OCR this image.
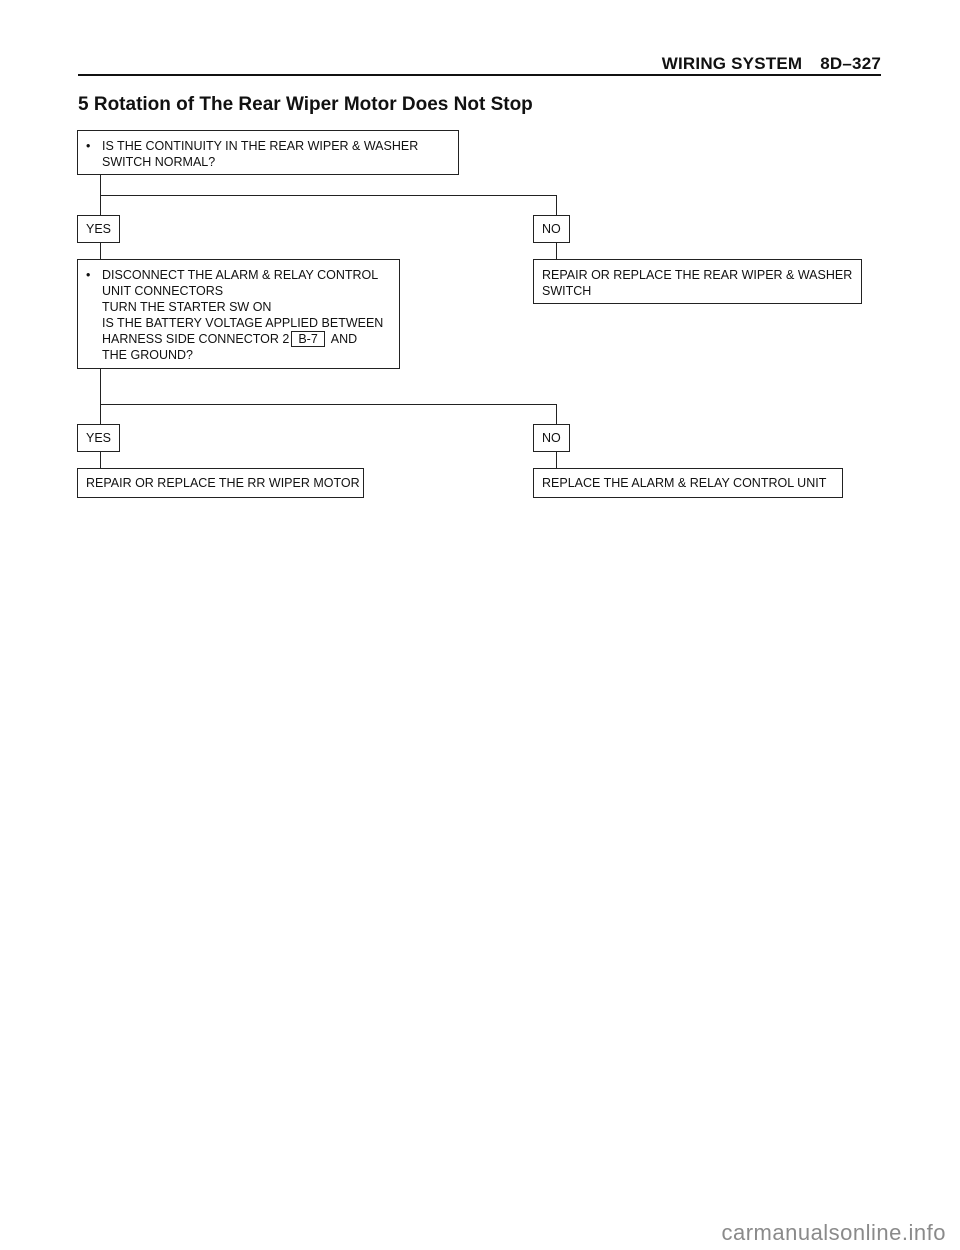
WIRING SYSTEM 8D–327
5 Rotation of The Rear Wiper Motor Does Not Stop
• IS THE CONTINUITY IN THE REAR WIPER & WASHER
SWITCH NORMAL?
YES	NO
REPAIR OR REPLACE THE REAR WIPER & WASHER
SWITCH
• DISCONNECT THE ALARM & RELAY CONTROL
UNIT CONNECTORS
TURN THE STARTER SW ON
IS THE BATTERY VOLTAGE APPLIED BETWEEN
HARNESS SIDE CONNECTOR 2 B-7 AND
THE GROUND?
YES	NO
REPAIR OR REPLACE THE RR WIPER MOTOR	REPLACE THE ALARM & RELAY CONTROL UNIT
carmanualsonline.info
